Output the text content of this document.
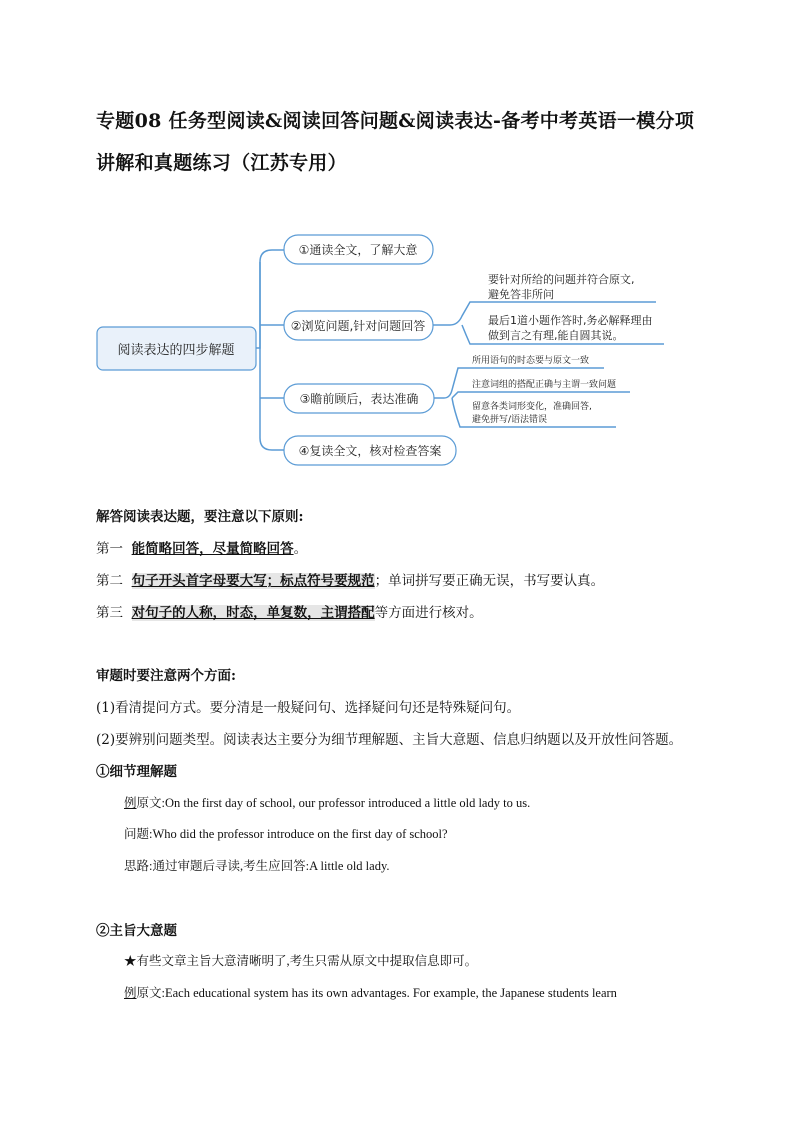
专题08 任务型阅读&阅读回答问题&阅读表达-备考中考英语一模分项
讲解和真题练习（江苏专用）
阅读表达的四步解题
①通读全文，了解大意
②浏览问题,针对问题回答
③瞻前顾后，表达准确
④复读全文，核对检查答案
要针对所给的问题并符合原文,
避免答非所问
最后1道小题作答时,务必解释理由
做到言之有理,能自圆其说。
所用语句的时态要与原文一致
注意词组的搭配正确与主谓一致问题
留意各类词形变化，准确回答,
避免拼写/语法错误
解答阅读表达题，要注意以下原则:
第一 能简略回答，尽量简略回答。
第二 句子开头首字母要大写；标点符号要规范；单词拼写要正确无误，书写要认真。
第三 对句子的人称，时态，单复数，主谓搭配等方面进行核对。
审题时要注意两个方面:
(1)看清提问方式。要分清是一般疑问句、选择疑问句还是特殊疑问句。
(2)要辨别问题类型。阅读表达主要分为细节理解题、主旨大意题、信息归纳题以及开放性问答题。
①细节理解题
例原文:On the first day of school, our professor introduced a little old lady to us.
问题:Who did the professor introduce on the first day of school?
思路:通过审题后寻读,考生应回答:A little old lady.
②主旨大意题
★有些文章主旨大意清晰明了,考生只需从原文中提取信息即可。
例原文:Each educational system has its own advantages. For example, the Japanese students learn
